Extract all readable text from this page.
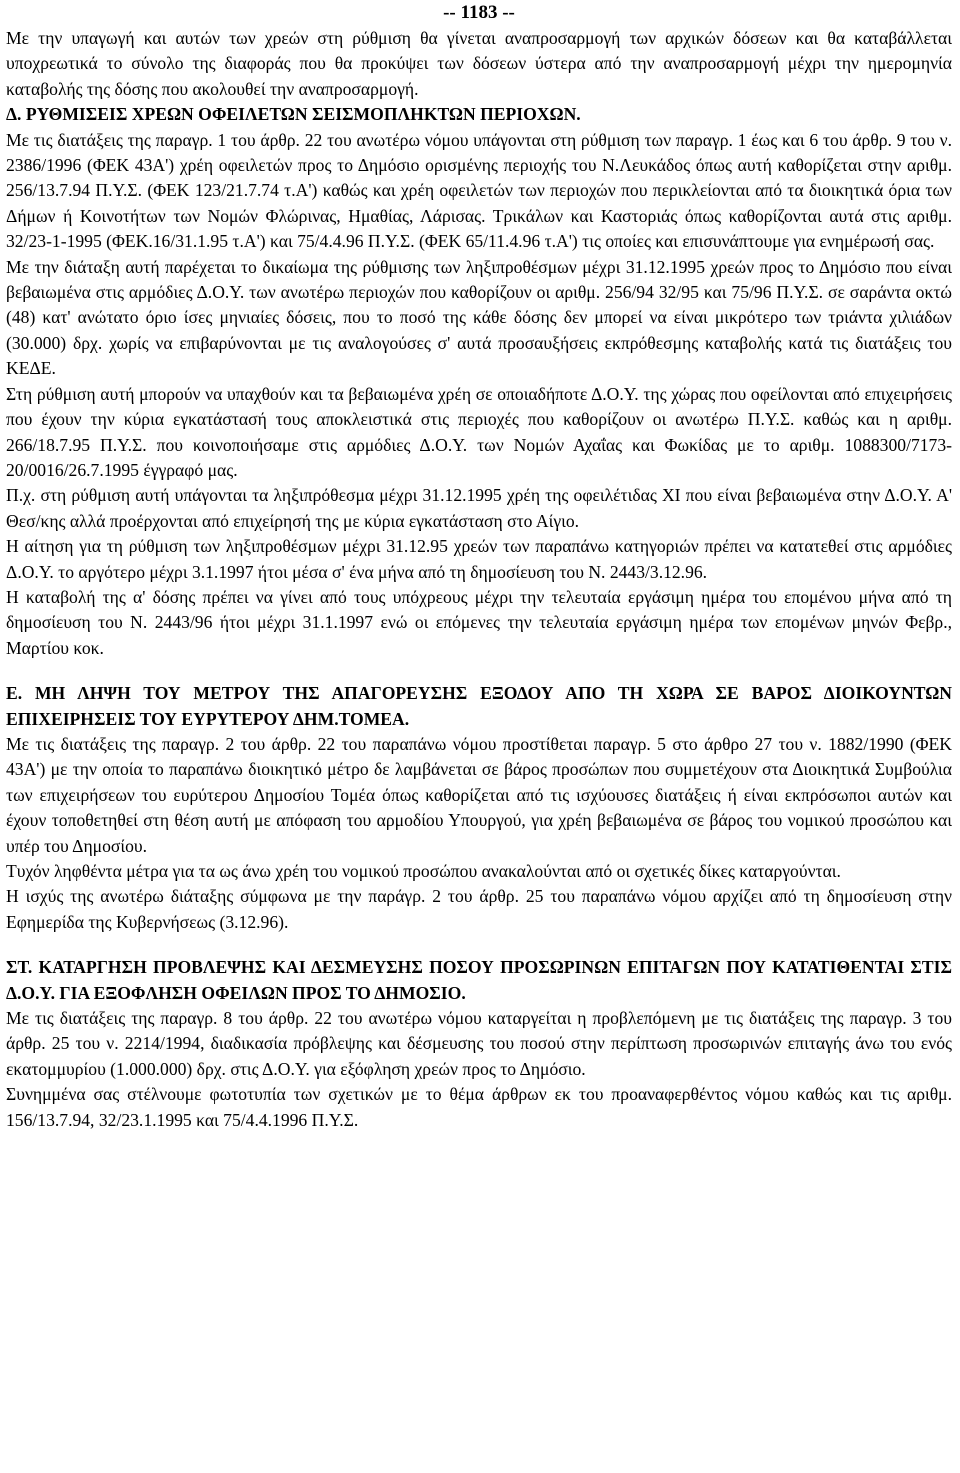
-- 1183 --

Με την υπαγωγή και αυτών των χρεών στη ρύθμιση θα γίνεται αναπροσαρμογή των αρχικών δόσεων και θα καταβάλλεται υποχρεωτικά το σύνολο της διαφοράς που θα προκύψει των δόσεων ύστερα από την αναπροσαρμογή μέχρι την ημερομηνία καταβολής της δόσης που ακολουθεί την αναπροσαρμογή.

Δ. ΡΥΘΜΙΣΕΙΣ ΧΡΕΩΝ ΟΦΕΙΛΕΤΩΝ ΣΕΙΣΜΟΠΛΗΚΤΩΝ ΠΕΡΙΟΧΩΝ.

Με τις διατάξεις της παραγρ. 1 του άρθρ. 22 του ανωτέρω νόμου υπάγονται στη ρύθμιση των παραγρ. 1 έως και 6 του άρθρ. 9 του ν. 2386/1996 (ΦΕΚ 43Α') χρέη οφειλετών προς το Δημόσιο ορισμένης περιοχής του Ν.Λευκάδος όπως αυτή καθορίζεται στην αριθμ. 256/13.7.94 Π.Υ.Σ. (ΦΕΚ 123/21.7.74 τ.Α') καθώς και χρέη οφειλετών των περιοχών που περικλείονται από τα διοικητικά όρια των Δήμων ή Κοινοτήτων των Νομών Φλώρινας, Ημαθίας, Λάρισας. Τρικάλων και Καστοριάς όπως καθορίζονται αυτά στις αριθμ. 32/23-1-1995 (ΦΕΚ.16/31.1.95 τ.Α') και 75/4.4.96 Π.Υ.Σ. (ΦΕΚ 65/11.4.96 τ.Α') τις οποίες και επισυνάπτουμε για ενημέρωσή σας.

Με την διάταξη αυτή παρέχεται το δικαίωμα της ρύθμισης των ληξιπροθέσμων μέχρι 31.12.1995 χρεών προς το Δημόσιο που είναι βεβαιωμένα στις αρμόδιες Δ.Ο.Υ. των ανωτέρω περιοχών που καθορίζουν οι αριθμ. 256/94 32/95 και 75/96 Π.Υ.Σ. σε σαράντα οκτώ (48) κατ' ανώτατο όριο ίσες μηνιαίες δόσεις, που το ποσό της κάθε δόσης δεν μπορεί να είναι μικρότερο των τριάντα χιλιάδων (30.000) δρχ. χωρίς να επιβαρύνονται με τις αναλογούσες σ' αυτά προσαυξήσεις εκπρόθεσμης καταβολής κατά τις διατάξεις του ΚΕΔΕ.

Στη ρύθμιση αυτή μπορούν να υπαχθούν και τα βεβαιωμένα χρέη σε οποιαδήποτε Δ.Ο.Υ. της χώρας που οφείλονται από επιχειρήσεις που έχουν την κύρια εγκατάστασή τους αποκλειστικά στις περιοχές που καθορίζουν οι ανωτέρω Π.Υ.Σ. καθώς και η αριθμ. 266/18.7.95 Π.Υ.Σ. που κοινοποιήσαμε στις αρμόδιες Δ.Ο.Υ. των Νομών Αχαΐας και Φωκίδας με το αριθμ. 1088300/7173-20/0016/26.7.1995 έγγραφό μας.

Π.χ. στη ρύθμιση αυτή υπάγονται τα ληξιπρόθεσμα μέχρι 31.12.1995 χρέη της οφειλέτιδας ΧΙ που είναι βεβαιωμένα στην Δ.Ο.Υ. Α' Θεσ/κης αλλά προέρχονται από επιχείρησή της με κύρια εγκατάσταση στο Αίγιο.

Η αίτηση για τη ρύθμιση των ληξιπροθέσμων μέχρι 31.12.95 χρεών των παραπάνω κατηγοριών πρέπει να κατατεθεί στις αρμόδιες Δ.Ο.Υ. το αργότερο μέχρι 3.1.1997 ήτοι μέσα σ' ένα μήνα από τη δημοσίευση του Ν. 2443/3.12.96.

Η καταβολή της α' δόσης πρέπει να γίνει από τους υπόχρεους μέχρι την τελευταία εργάσιμη ημέρα του επομένου μήνα από τη δημοσίευση του Ν. 2443/96 ήτοι μέχρι 31.1.1997 ενώ οι επόμενες την τελευταία εργάσιμη ημέρα των επομένων μηνών Φεβρ., Μαρτίου κοκ.

Ε. ΜΗ ΛΗΨΗ ΤΟΥ ΜΕΤΡΟΥ ΤΗΣ ΑΠΑΓΟΡΕΥΣΗΣ ΕΞΟΔΟΥ ΑΠΟ ΤΗ ΧΩΡΑ ΣΕ ΒΑΡΟΣ ΔΙΟΙΚΟΥΝΤΩΝ ΕΠΙΧΕΙΡΗΣΕΙΣ ΤΟΥ ΕΥΡΥΤΕΡΟΥ ΔΗΜ.ΤΟΜΕΑ.

Με τις διατάξεις της παραγρ. 2 του άρθρ. 22 του παραπάνω νόμου προστίθεται παραγρ. 5 στο άρθρο 27 του ν. 1882/1990 (ΦΕΚ 43Α') με την οποία το παραπάνω διοικητικό μέτρο δε λαμβάνεται σε βάρος προσώπων που συμμετέχουν στα Διοικητικά Συμβούλια των επιχειρήσεων του ευρύτερου Δημοσίου Τομέα όπως καθορίζεται από τις ισχύουσες διατάξεις ή είναι εκπρόσωποι αυτών και έχουν τοποθετηθεί στη θέση αυτή με απόφαση του αρμοδίου Υπουργού, για χρέη βεβαιωμένα σε βάρος του νομικού προσώπου και υπέρ του Δημοσίου.

Τυχόν ληφθέντα μέτρα για τα ως άνω χρέη του νομικού προσώπου ανακαλούνται από οι σχετικές δίκες καταργούνται.

Η ισχύς της ανωτέρω διάταξης σύμφωνα με την παράγρ. 2 του άρθρ. 25 του παραπάνω νόμου αρχίζει από τη δημοσίευση στην Εφημερίδα της Κυβερνήσεως (3.12.96).

ΣΤ. ΚΑΤΑΡΓΗΣΗ ΠΡΟΒΛΕΨΗΣ ΚΑΙ ΔΕΣΜΕΥΣΗΣ ΠΟΣΟΥ ΠΡΟΣΩΡΙΝΩΝ ΕΠΙΤΑΓΩΝ ΠΟΥ ΚΑΤΑΤΙΘΕΝΤΑΙ ΣΤΙΣ Δ.Ο.Υ. ΓΙΑ ΕΞΟΦΛΗΣΗ ΟΦΕΙΛΩΝ ΠΡΟΣ ΤΟ ΔΗΜΟΣΙΟ.

Με τις διατάξεις της παραγρ. 8 του άρθρ. 22 του ανωτέρω νόμου καταργείται η προβλεπόμενη με τις διατάξεις της παραγρ. 3 του άρθρ. 25 του ν. 2214/1994, διαδικασία πρόβλεψης και δέσμευσης του ποσού στην περίπτωση προσωρινών επιταγής άνω του ενός εκατομμυρίου (1.000.000) δρχ. στις Δ.Ο.Υ. για εξόφληση χρεών προς το Δημόσιο.

Συνημμένα σας στέλνουμε φωτοτυπία των σχετικών με το θέμα άρθρων εκ του προαναφερθέντος νόμου καθώς και τις αριθμ. 156/13.7.94, 32/23.1.1995 και 75/4.4.1996 Π.Υ.Σ.
